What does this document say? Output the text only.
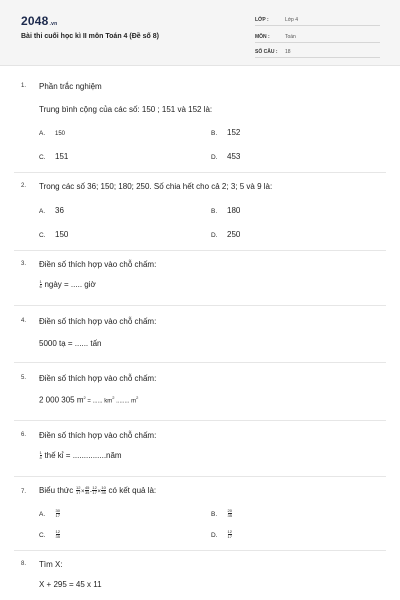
2048.vn
Bài thi cuối học kì II môn Toán 4 (Đề số 8)
LỚP :	Lớp 4
MÔN :	Toán
SỐ CÂU : 18
1. Phần trắc nghiệm
Trung bình cộng của các số: 150 ; 151 và 152 là:
A. 150	B. 152
C. 151	D. 453
2. Trong các số 36; 150; 180; 250. Số chia hết cho cả 2; 3; 5 và 9 là:
A. 36	B. 180
C. 150	D. 250
3. Điền số thích hợp vào chỗ chấm:
$\frac{1}{6}$ ngày = ..... giờ
4. Điền số thích hợp vào chỗ chấm:
5000 tạ = ...... tấn
5. Điền số thích hợp vào chỗ chấm:
2 000 305 $m^2$ = ...... $km^2$ ........ $m^2$
6. Điền số thích hợp vào chỗ chấm:
$\frac{1}{4}$ thế kỉ = ...............năm
7. Biểu thức $\frac{12}{17} \times \frac{45}{35} - \frac{12}{17} \times \frac{10}{35}$ có kết quả là:
A.	$\frac{30}{17}$	B.	$\frac{20}{35}$
C.	$\frac{12}{35}$	D.	$\frac{12}{17}$
8. Tìm X:
X + 295 = 45 x 11
